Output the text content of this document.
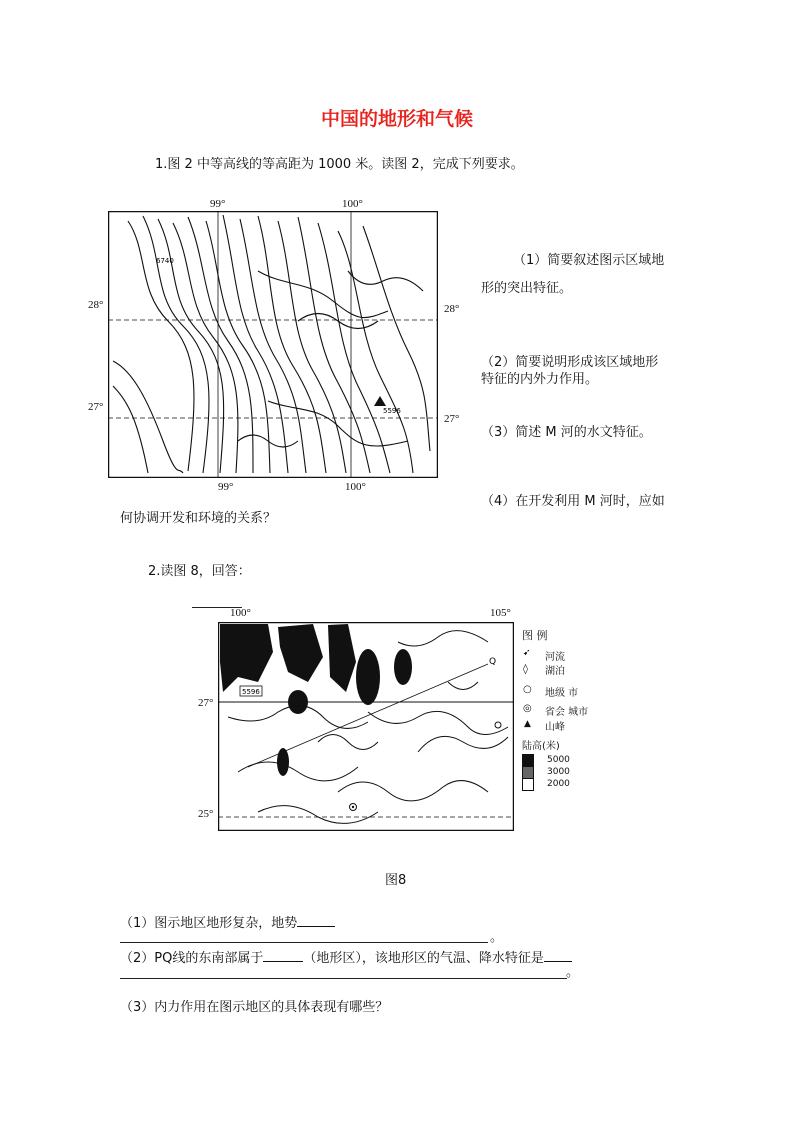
中国的地形和气候
1.图 2 中等高线的等高距为 1000 米。读图 2，完成下列要求。
99°	100°
99°	100°
28°
27°
28°
27°
5596
6740	（1）简要叙述图示区域地
形的突出特征。
（2）简要说明形成该区域地形
特征的内外力作用。
（3）简述 M 河的水文特征。
（4）在开发利用 M 河时，应如
何协调开发和环境的关系？
2.读图 8，回答：
100°	105°
27°
25°
5596
Q
图 例
➹ 河流
◊ 湖泊
○ 地级 市
◎ 省会 城市
▲ 山峰
陆高(米)
5000
3000
2000
图8
（1）图示地区地形复杂，地势
。
（2）PQ线的东南部属于	（地形区），该地形区的气温、降水特征是
。
（3）内力作用在图示地区的具体表现有哪些？
